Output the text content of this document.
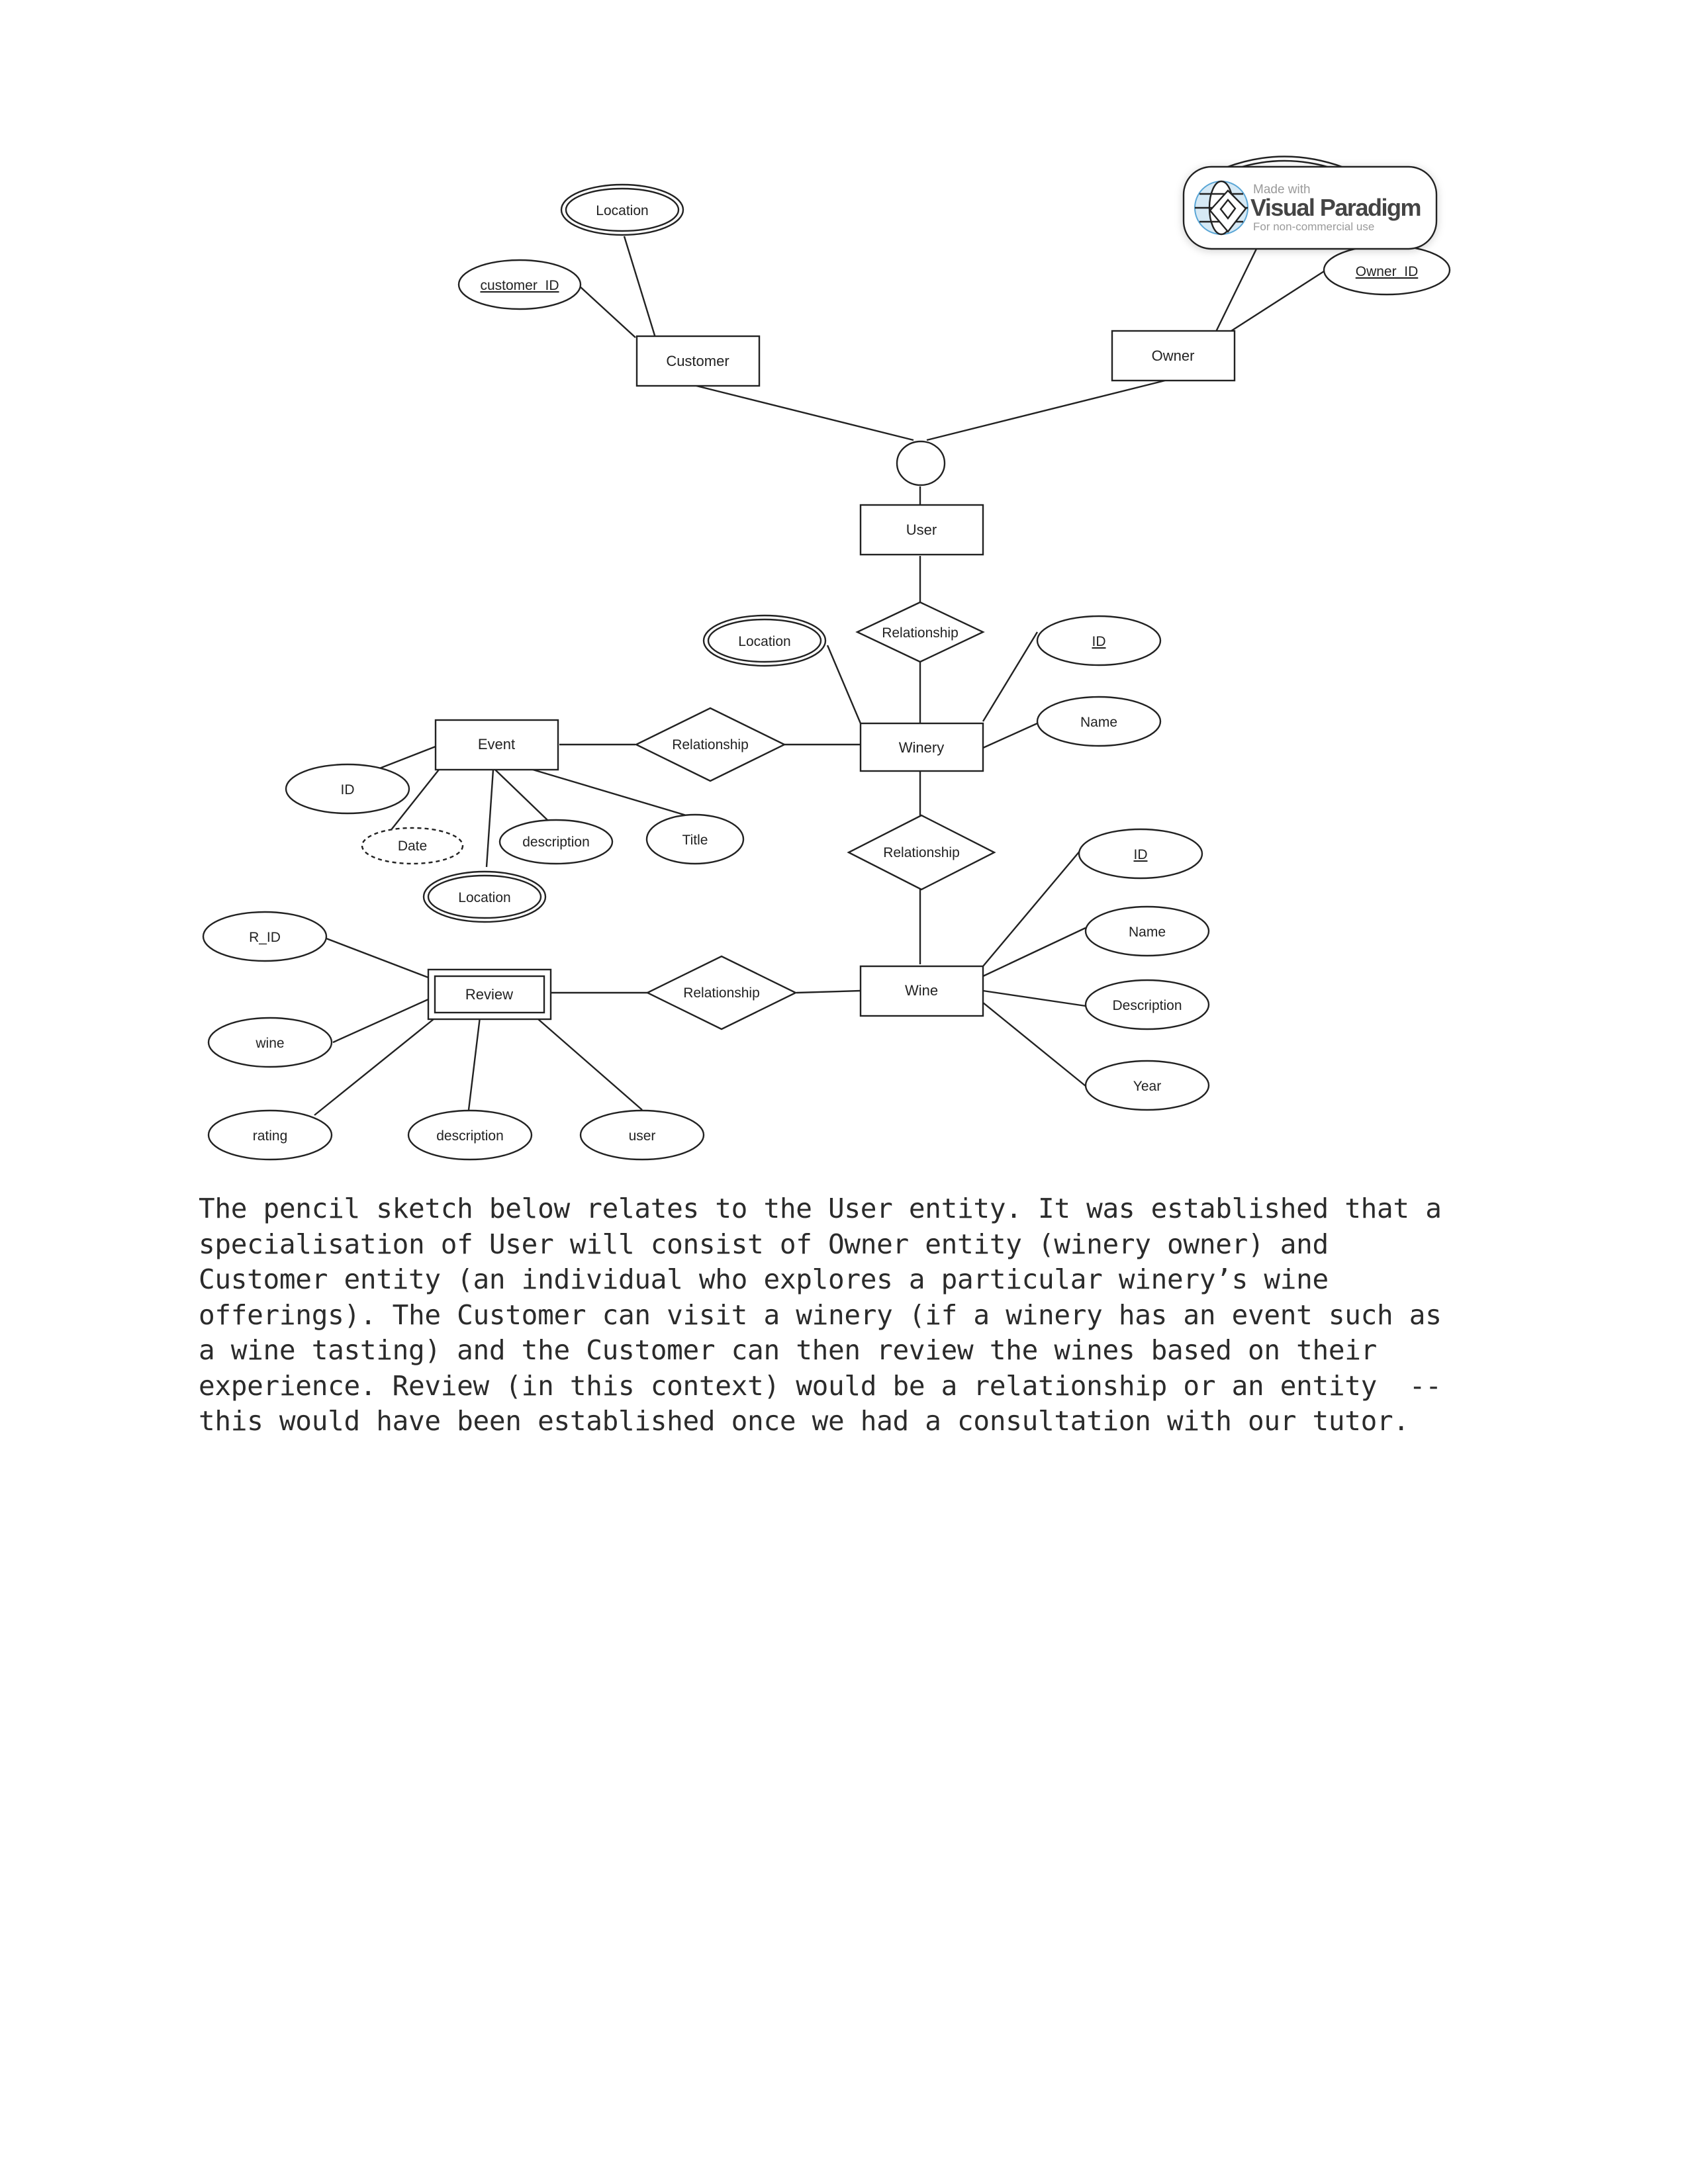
Customer	Owner
User
Winery
Event
Wine
Review
Relationship
Relationship
Relationship
Relationship
Location
customer_ID
Owner_ID
Location	ID
Name
ID
Date	description	Title
Location
ID
Name
Description
Year
R_ID
wine
rating	description	user
Made with
Visual Paradigm
For non-commercial use
The pencil sketch below relates to the User entity. It was established that a
specialisation of User will consist of Owner entity (winery owner) and
Customer entity (an individual who explores a particular winery’s wine
offerings). The Customer can visit a winery (if a winery has an event such as
a wine tasting) and the Customer can then review the wines based on their
experience. Review (in this context) would be a relationship or an entity  --
this would have been established once we had a consultation with our tutor.
